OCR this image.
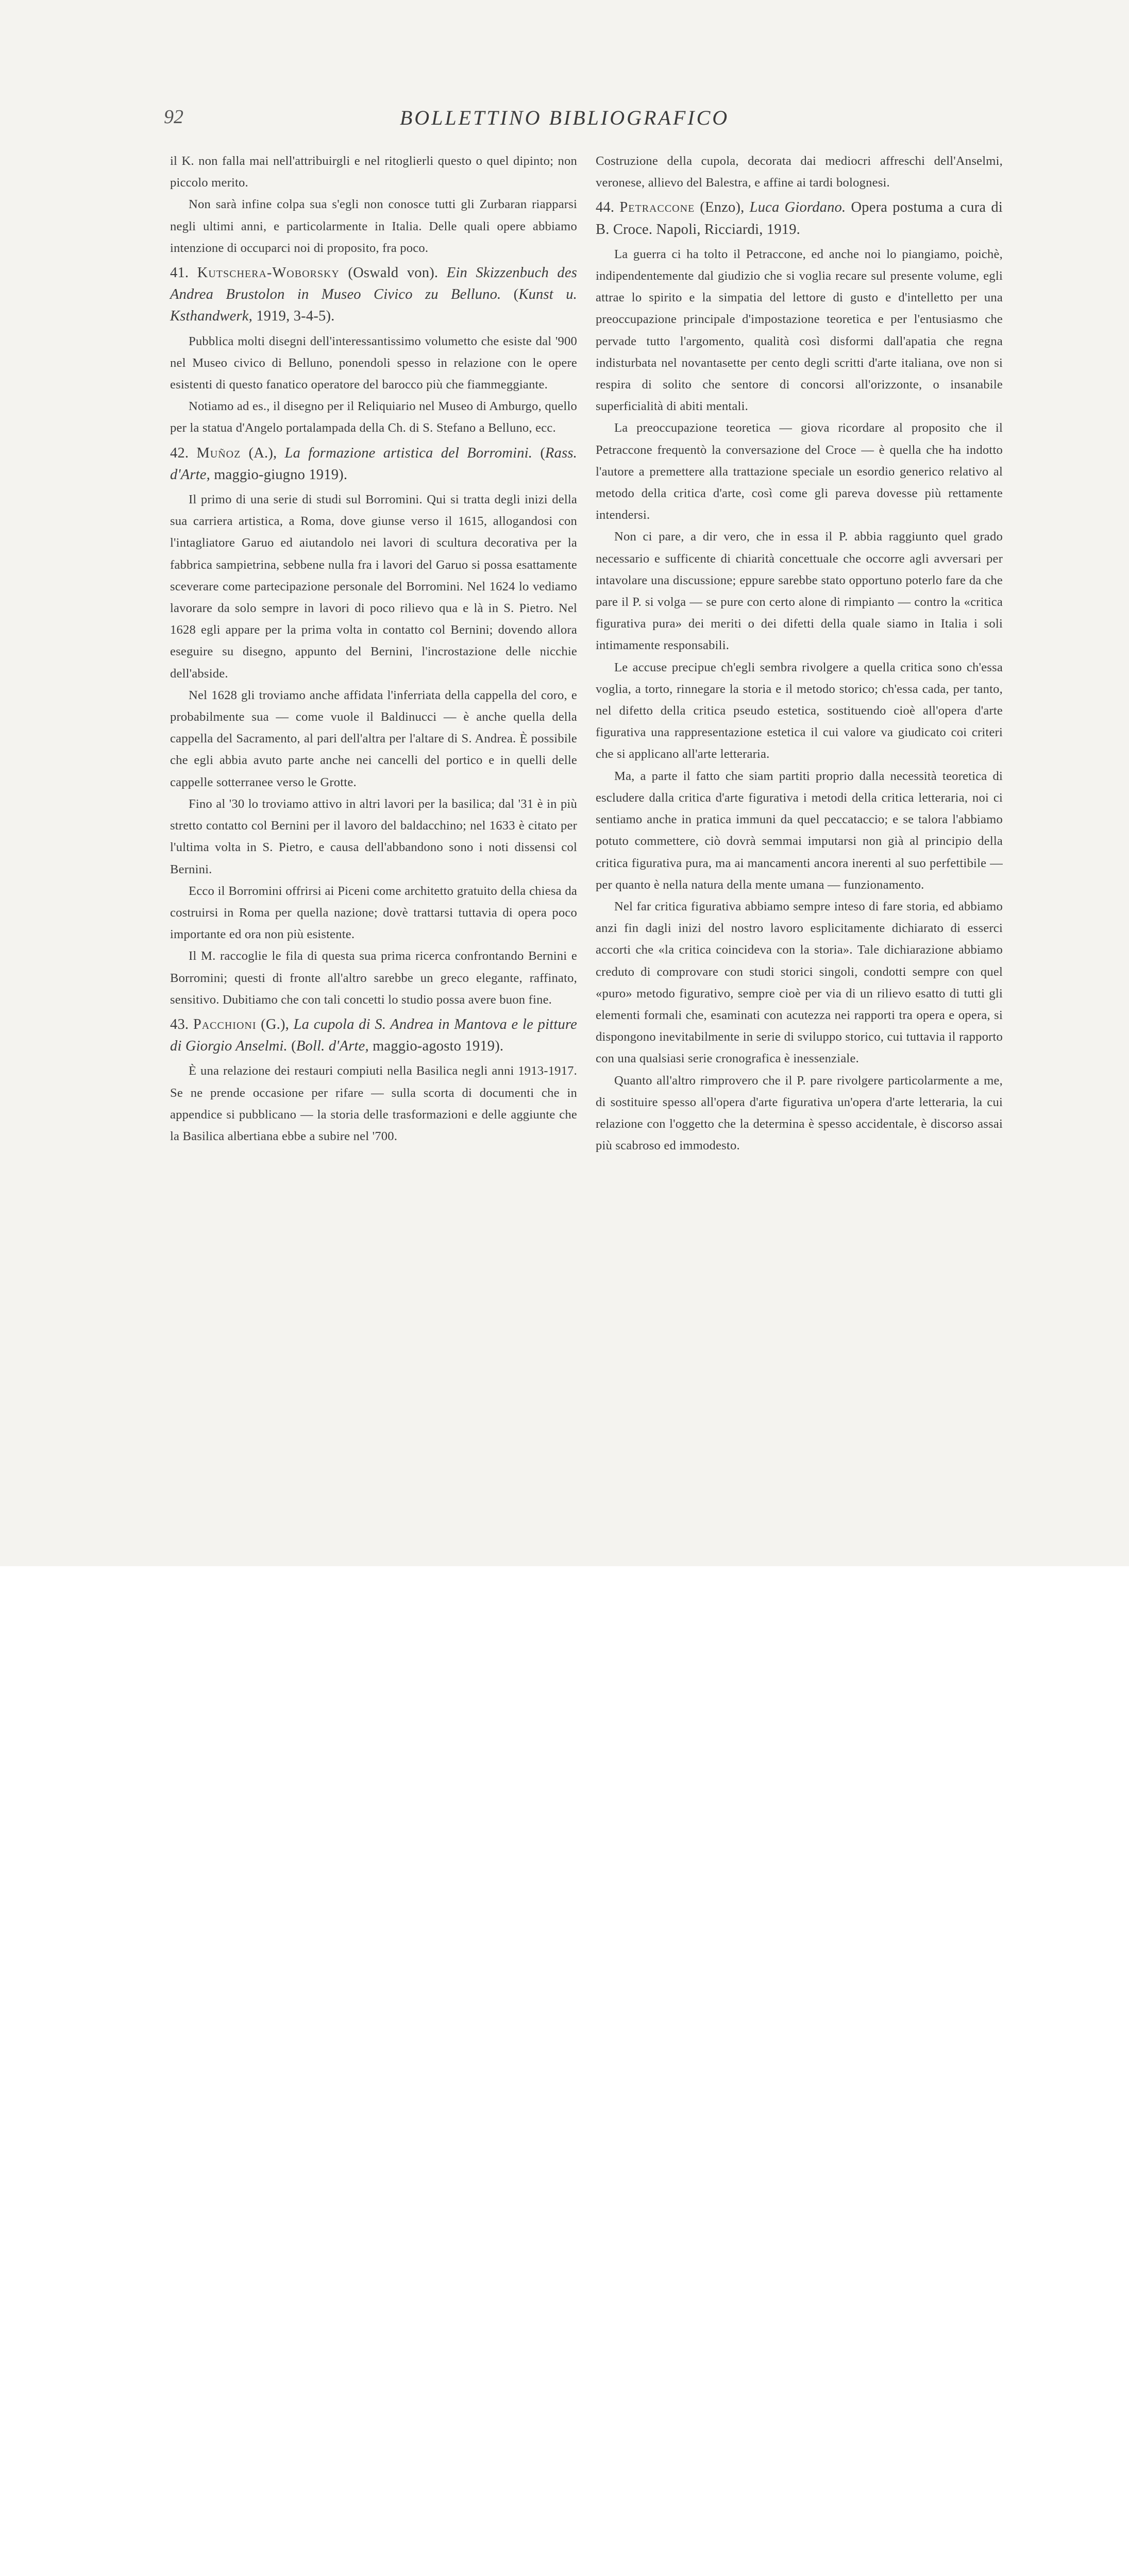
92	BOLLETTINO BIBLIOGRAFICO

il K. non falla mai nell'attribuirgli e nel ritoglierli questo o quel dipinto; non piccolo merito.

Non sarà infine colpa sua s'egli non conosce tutti gli Zurbaran riapparsi negli ultimi anni, e particolarmente in Italia. Delle quali opere abbiamo intenzione di occuparci noi di proposito, fra poco.

41. Kutschera-Woborsky (Oswald von). Ein Skizzenbuch des Andrea Brustolon in Museo Civico zu Belluno. (Kunst u. Ksthandwerk, 1919, 3-4-5).

Pubblica molti disegni dell'interessantissimo volumetto che esiste dal '900 nel Museo civico di Belluno, ponendoli spesso in relazione con le opere esistenti di questo fanatico operatore del barocco più che fiammeggiante.

Notiamo ad es., il disegno per il Reliquiario nel Museo di Amburgo, quello per la statua d'Angelo portalampada della Ch. di S. Stefano a Belluno, ecc.

42. Muñoz (A.), La formazione artistica del Borromini. (Rass. d'Arte, maggio-giugno 1919).

Il primo di una serie di studi sul Borromini. Qui si tratta degli inizi della sua carriera artistica, a Roma, dove giunse verso il 1615, allogandosi con l'intagliatore Garuo ed aiutandolo nei lavori di scultura decorativa per la fabbrica sampietrina, sebbene nulla fra i lavori del Garuo si possa esattamente sceverare come partecipazione personale del Borromini. Nel 1624 lo vediamo lavorare da solo sempre in lavori di poco rilievo qua e là in S. Pietro. Nel 1628 egli appare per la prima volta in contatto col Bernini; dovendo allora eseguire su disegno, appunto del Bernini, l'incrostazione delle nicchie dell'abside.

Nel 1628 gli troviamo anche affidata l'inferriata della cappella del coro, e probabilmente sua — come vuole il Baldinucci — è anche quella della cappella del Sacramento, al pari dell'altra per l'altare di S. Andrea. È possibile che egli abbia avuto parte anche nei cancelli del portico e in quelli delle cappelle sotterranee verso le Grotte.

Fino al '30 lo troviamo attivo in altri lavori per la basilica; dal '31 è in più stretto contatto col Bernini per il lavoro del baldacchino; nel 1633 è citato per l'ultima volta in S. Pietro, e causa dell'abbandono sono i noti dissensi col Bernini.

Ecco il Borromini offrirsi ai Piceni come architetto gratuito della chiesa da costruirsi in Roma per quella nazione; dovè trattarsi tuttavia di opera poco importante ed ora non più esistente.

Il M. raccoglie le fila di questa sua prima ricerca confrontando Bernini e Borromini; questi di fronte all'altro sarebbe un greco elegante, raffinato, sensitivo. Dubitiamo che con tali concetti lo studio possa avere buon fine.

43. Pacchioni (G.), La cupola di S. Andrea in Mantova e le pitture di Giorgio Anselmi. (Boll. d'Arte, maggio-agosto 1919).

È una relazione dei restauri compiuti nella Basilica negli anni 1913-1917. Se ne prende occasione per rifare — sulla scorta di documenti che in appendice si pubblicano — la storia delle trasformazioni e delle aggiunte che la Basilica albertiana ebbe a subire nel '700.

Costruzione della cupola, decorata dai mediocri affreschi dell'Anselmi, veronese, allievo del Balestra, e affine ai tardi bolognesi.

44. Petraccone (Enzo), Luca Giordano. Opera postuma a cura di B. Croce. Napoli, Ricciardi, 1919.

La guerra ci ha tolto il Petraccone, ed anche noi lo piangiamo, poichè, indipendentemente dal giudizio che si voglia recare sul presente volume, egli attrae lo spirito e la simpatia del lettore di gusto e d'intelletto per una preoccupazione principale d'impostazione teoretica e per l'entusiasmo che pervade tutto l'argomento, qualità così disformi dall'apatia che regna indisturbata nel novantasette per cento degli scritti d'arte italiana, ove non si respira di solito che sentore di concorsi all'orizzonte, o insanabile superficialità di abiti mentali.

La preoccupazione teoretica — giova ricordare al proposito che il Petraccone frequentò la conversazione del Croce — è quella che ha indotto l'autore a premettere alla trattazione speciale un esordio generico relativo al metodo della critica d'arte, così come gli pareva dovesse più rettamente intendersi.

Non ci pare, a dir vero, che in essa il P. abbia raggiunto quel grado necessario e sufficente di chiarità concettuale che occorre agli avversari per intavolare una discussione; eppure sarebbe stato opportuno poterlo fare da che pare il P. si volga — se pure con certo alone di rimpianto — contro la «critica figurativa pura» dei meriti o dei difetti della quale siamo in Italia i soli intimamente responsabili.

Le accuse precipue ch'egli sembra rivolgere a quella critica sono ch'essa voglia, a torto, rinnegare la storia e il metodo storico; ch'essa cada, per tanto, nel difetto della critica pseudo estetica, sostituendo cioè all'opera d'arte figurativa una rappresentazione estetica il cui valore va giudicato coi criteri che si applicano all'arte letteraria.

Ma, a parte il fatto che siam partiti proprio dalla necessità teoretica di escludere dalla critica d'arte figurativa i metodi della critica letteraria, noi ci sentiamo anche in pratica immuni da quel peccataccio; e se talora l'abbiamo potuto commettere, ciò dovrà semmai imputarsi non già al principio della critica figurativa pura, ma ai mancamenti ancora inerenti al suo perfettibile — per quanto è nella natura della mente umana — funzionamento.

Nel far critica figurativa abbiamo sempre inteso di fare storia, ed abbiamo anzi fin dagli inizi del nostro lavoro esplicitamente dichiarato di esserci accorti che «la critica coincideva con la storia». Tale dichiarazione abbiamo creduto di comprovare con studi storici singoli, condotti sempre con quel «puro» metodo figurativo, sempre cioè per via di un rilievo esatto di tutti gli elementi formali che, esaminati con acutezza nei rapporti tra opera e opera, si dispongono inevitabilmente in serie di sviluppo storico, cui tuttavia il rapporto con una qualsiasi serie cronografica è inessenziale.

Quanto all'altro rimprovero che il P. pare rivolgere particolarmente a me, di sostituire spesso all'opera d'arte figurativa un'opera d'arte letteraria, la cui relazione con l'oggetto che la determina è spesso accidentale, è discorso assai più scabroso ed immodesto.
